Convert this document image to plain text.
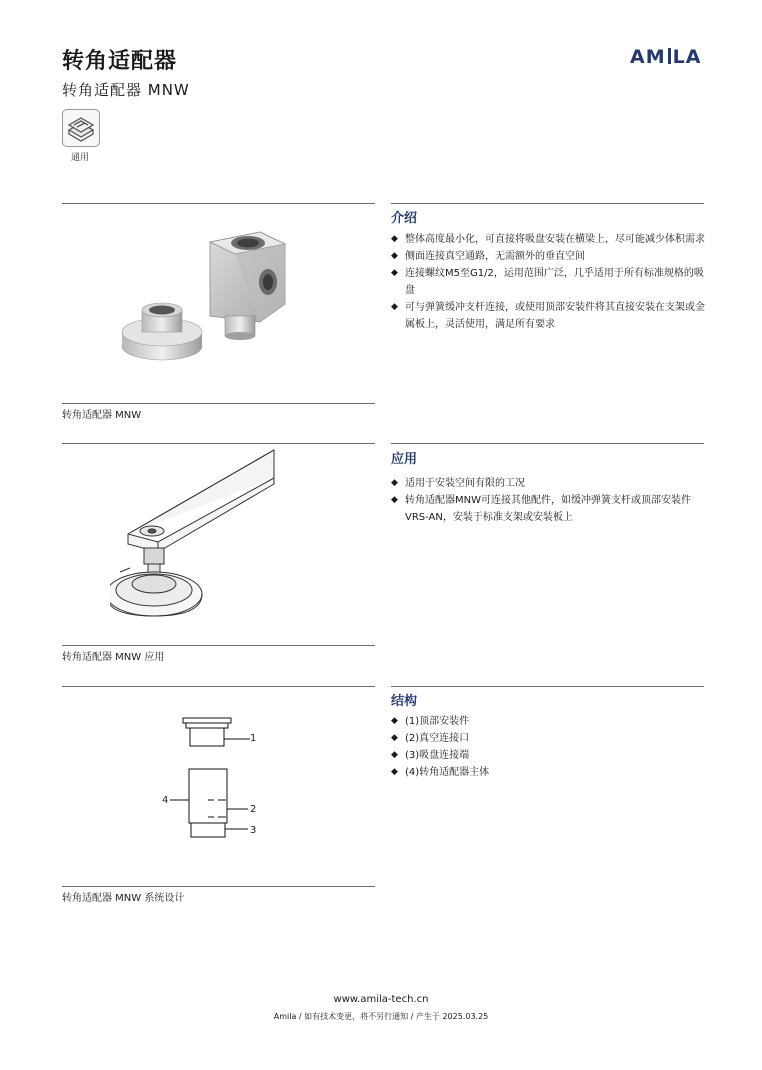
转角适配器
转角适配器 MNW
AM LA
通用
介绍
◆ 整体高度最小化，可直接将吸盘安装在横梁上，尽可能减少体积需求
◆ 侧面连接真空通路，无需额外的垂直空间
◆ 连接螺纹M5至G1/2，运用范围广泛，几乎适用于所有标准规格的吸盘
◆ 可与弹簧缓冲支杆连接，或使用顶部安装件将其直接安装在支架或金属板上，灵活使用，满足所有要求
转角适配器 MNW
应用
◆ 适用于安装空间有限的工况
◆ 转角适配器MNW可连接其他配件，如缓冲弹簧支杆或顶部安装件VRS-AN，安装于标准支架或安装板上
转角适配器 MNW 应用
结构
◆ (1)顶部安装件
◆ (2)真空连接口
◆ (3)吸盘连接端
◆ (4)转角适配器主体
1
2
3
4
转角适配器 MNW 系统设计
www.amila-tech.cn
Amila / 如有技术变更，将不另行通知 / 产生于 2025.03.25
